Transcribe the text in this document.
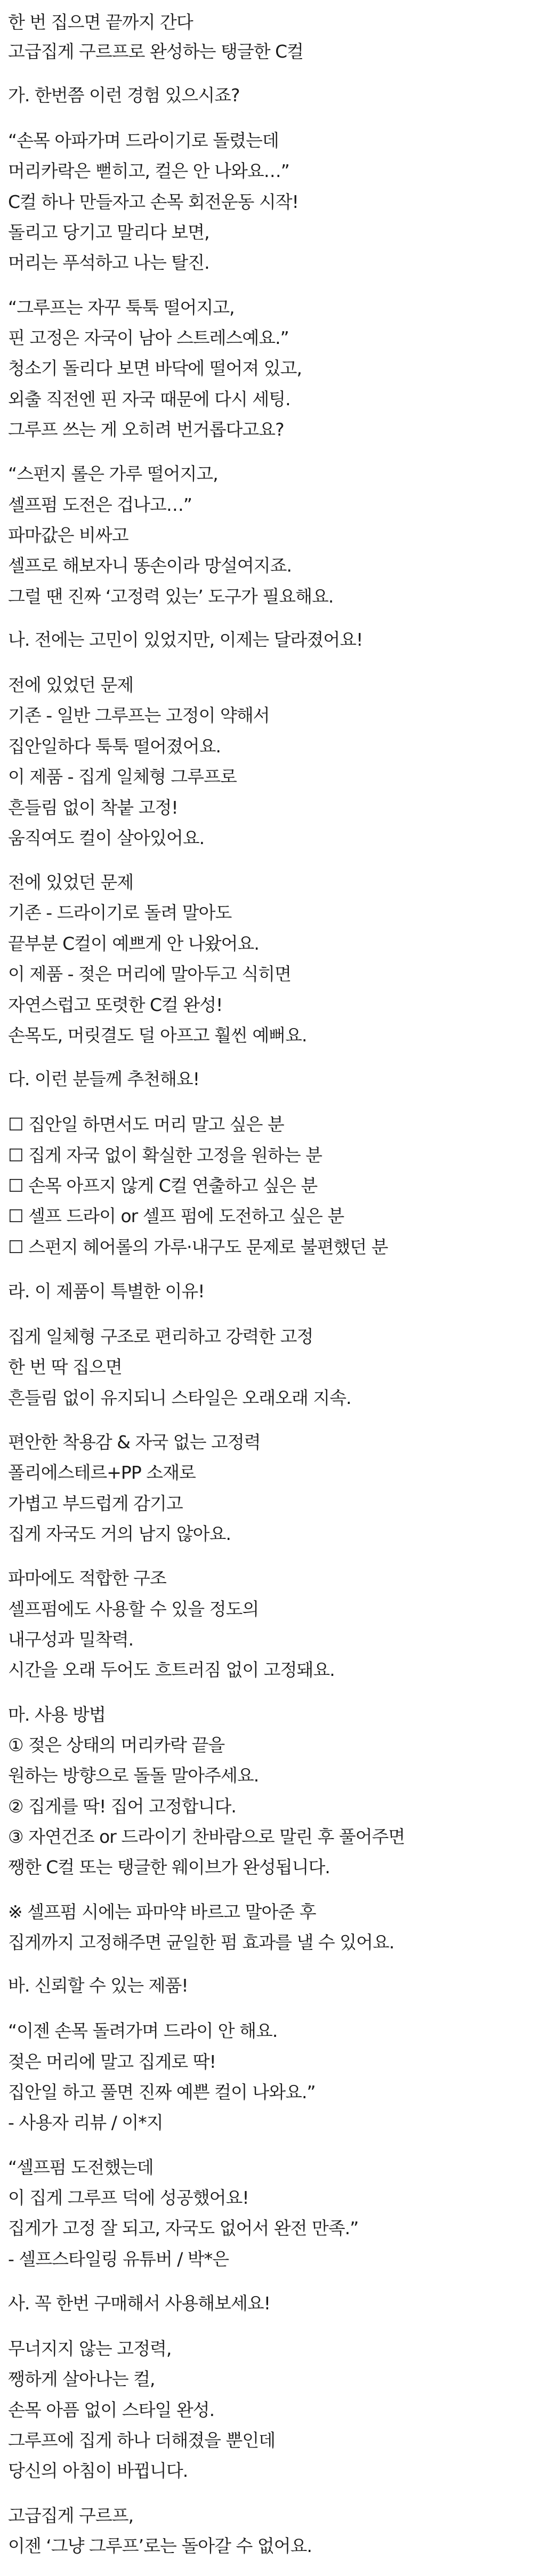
한 번 집으면 끝까지 간다
고급집게 구르프로 완성하는 탱글한 C컬
가. 한번쯤 이런 경험 있으시죠?
“손목 아파가며 드라이기로 돌렸는데
머리카락은 뻗히고, 컬은 안 나와요…”
C컬 하나 만들자고 손목 회전운동 시작!
돌리고 당기고 말리다 보면,
머리는 푸석하고 나는 탈진.
“그루프는 자꾸 툭툭 떨어지고,
핀 고정은 자국이 남아 스트레스예요.”
청소기 돌리다 보면 바닥에 떨어져 있고,
외출 직전엔 핀 자국 때문에 다시 세팅.
그루프 쓰는 게 오히려 번거롭다고요?
“스펀지 롤은 가루 떨어지고,
셀프펌 도전은 겁나고…”
파마값은 비싸고
셀프로 해보자니 똥손이라 망설여지죠.
그럴 땐 진짜 ‘고정력 있는’ 도구가 필요해요.
나. 전에는 고민이 있었지만, 이제는 달라졌어요!
전에 있었던 문제
기존 - 일반 그루프는 고정이 약해서
집안일하다 툭툭 떨어졌어요.
이 제품 - 집게 일체형 그루프로
흔들림 없이 착붙 고정!
움직여도 컬이 살아있어요.
전에 있었던 문제
기존 - 드라이기로 돌려 말아도
끝부분 C컬이 예쁘게 안 나왔어요.
이 제품 - 젖은 머리에 말아두고 식히면
자연스럽고 또렷한 C컬 완성!
손목도, 머릿결도 덜 아프고 훨씬 예뻐요.
다. 이런 분들께 추천해요!
☐ 집안일 하면서도 머리 말고 싶은 분
☐ 집게 자국 없이 확실한 고정을 원하는 분
☐ 손목 아프지 않게 C컬 연출하고 싶은 분
☐ 셀프 드라이 or 셀프 펌에 도전하고 싶은 분
☐ 스펀지 헤어롤의 가루·내구도 문제로 불편했던 분
라. 이 제품이 특별한 이유!
집게 일체형 구조로 편리하고 강력한 고정
한 번 딱 집으면
흔들림 없이 유지되니 스타일은 오래오래 지속.
편안한 착용감 & 자국 없는 고정력
폴리에스테르+PP 소재로
가볍고 부드럽게 감기고
집게 자국도 거의 남지 않아요.
파마에도 적합한 구조
셀프펌에도 사용할 수 있을 정도의
내구성과 밀착력.
시간을 오래 두어도 흐트러짐 없이 고정돼요.
마. 사용 방법
① 젖은 상태의 머리카락 끝을
원하는 방향으로 돌돌 말아주세요.
② 집게를 딱! 집어 고정합니다.
③ 자연건조 or 드라이기 찬바람으로 말린 후 풀어주면
쨍한 C컬 또는 탱글한 웨이브가 완성됩니다.
※ 셀프펌 시에는 파마약 바르고 말아준 후
집게까지 고정해주면 균일한 펌 효과를 낼 수 있어요.
바. 신뢰할 수 있는 제품!
“이젠 손목 돌려가며 드라이 안 해요.
젖은 머리에 말고 집게로 딱!
집안일 하고 풀면 진짜 예쁜 컬이 나와요.”
- 사용자 리뷰 / 이*지
“셀프펌 도전했는데
이 집게 그루프 덕에 성공했어요!
집게가 고정 잘 되고, 자국도 없어서 완전 만족.”
- 셀프스타일링 유튜버 / 박*은
사. 꼭 한번 구매해서 사용해보세요!
무너지지 않는 고정력,
쨍하게 살아나는 컬,
손목 아픔 없이 스타일 완성.
그루프에 집게 하나 더해졌을 뿐인데
당신의 아침이 바뀝니다.
고급집게 구르프,
이젠 ‘그냥 그루프’로는 돌아갈 수 없어요.
